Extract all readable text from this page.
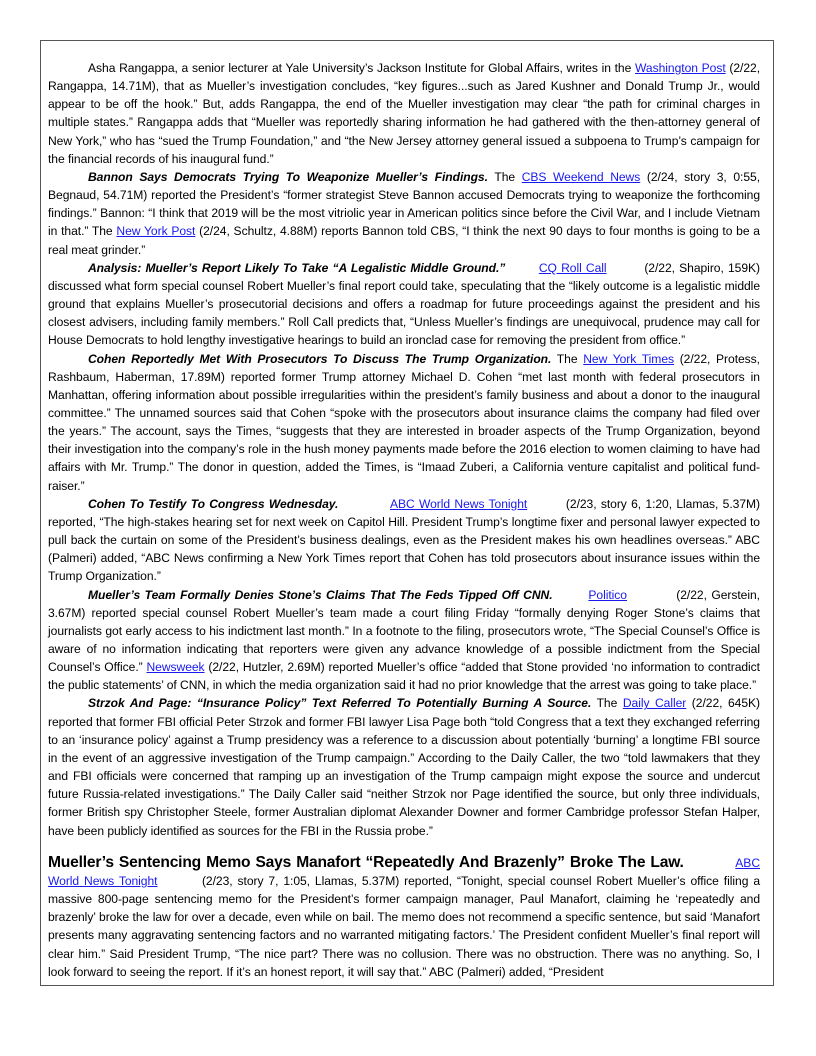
Asha Rangappa, a senior lecturer at Yale University’s Jackson Institute for Global Affairs, writes in the Washington Post (2/22, Rangappa, 14.71M), that as Mueller’s investigation concludes, “key figures...such as Jared Kushner and Donald Trump Jr., would appear to be off the hook.” But, adds Rangappa, the end of the Mueller investigation may clear “the path for criminal charges in multiple states.” Rangappa adds that “Mueller was reportedly sharing information he had gathered with the then-attorney general of New York,” who has “sued the Trump Foundation,” and “the New Jersey attorney general issued a subpoena to Trump’s campaign for the financial records of his inaugural fund.”

Bannon Says Democrats Trying To Weaponize Mueller’s Findings. The CBS Weekend News (2/24, story 3, 0:55, Begnaud, 54.71M) reported the President’s “former strategist Steve Bannon accused Democrats trying to weaponize the forthcoming findings.” Bannon: “I think that 2019 will be the most vitriolic year in American politics since before the Civil War, and I include Vietnam in that.” The New York Post (2/24, Schultz, 4.88M) reports Bannon told CBS, “I think the next 90 days to four months is going to be a real meat grinder.”

Analysis: Mueller’s Report Likely To Take “A Legalistic Middle Ground.”	CQ Roll Call         (2/22, Shapiro, 159K) discussed what form special counsel Robert Mueller’s final report could take, speculating that the “likely outcome is a legalistic middle ground that explains Mueller’s prosecutorial decisions and offers a roadmap for future proceedings against the president and his closest advisers, including family members.” Roll Call predicts that, “Unless Mueller’s findings are unequivocal, prudence may call for House Democrats to hold lengthy investigative hearings to build an ironclad case for removing the president from office.”

Cohen Reportedly Met With Prosecutors To Discuss The Trump Organization. The New York Times (2/22, Protess, Rashbaum, Haberman, 17.89M) reported former Trump attorney Michael D. Cohen “met last month with federal prosecutors in Manhattan, offering information about possible irregularities within the president’s family business and about a donor to the inaugural committee.” The unnamed sources said that Cohen “spoke with the prosecutors about insurance claims the company had filed over the years.” The account, says the Times, “suggests that they are interested in broader aspects of the Trump Organization, beyond their investigation into the company’s role in the hush money payments made before the 2016 election to women claiming to have had affairs with Mr. Trump.” The donor in question, added the Times, is “Imaad Zuberi, a California venture capitalist and political fund-raiser.”

Cohen To Testify To Congress Wednesday.	ABC World News Tonight         (2/23, story 6, 1:20, Llamas, 5.37M) reported, “The high-stakes hearing set for next week on Capitol Hill. President Trump’s longtime fixer and personal lawyer expected to pull back the curtain on some of the President’s business dealings, even as the President makes his own headlines overseas.” ABC (Palmeri) added, “ABC News confirming a New York Times report that Cohen has told prosecutors about insurance issues within the Trump Organization.”

Mueller’s Team Formally Denies Stone’s Claims That The Feds Tipped Off CNN.	Politico           (2/22, Gerstein, 3.67M) reported special counsel Robert Mueller’s team made a court filing Friday “formally denying Roger Stone’s claims that journalists got early access to his indictment last month.” In a footnote to the filing, prosecutors wrote, “The Special Counsel’s Office is aware of no information indicating that reporters were given any advance knowledge of a possible indictment from the Special Counsel’s Office.” Newsweek (2/22, Hutzler, 2.69M) reported Mueller’s office “added that Stone provided ‘no information to contradict the public statements’ of CNN, in which the media organization said it had no prior knowledge that the arrest was going to take place.”

Strzok And Page: “Insurance Policy” Text Referred To Potentially Burning A Source. The Daily Caller (2/22, 645K) reported that former FBI official Peter Strzok and former FBI lawyer Lisa Page both “told Congress that a text they exchanged referring to an ‘insurance policy’ against a Trump presidency was a reference to a discussion about potentially ‘burning’ a longtime FBI source in the event of an aggressive investigation of the Trump campaign.” According to the Daily Caller, the two “told lawmakers that they and FBI officials were concerned that ramping up an investigation of the Trump campaign might expose the source and undercut future Russia-related investigations.” The Daily Caller said “neither Strzok nor Page identified the source, but only three individuals, former British spy Christopher Steele, former Australian diplomat Alexander Downer and former Cambridge professor Stefan Halper, have been publicly identified as sources for the FBI in the Russia probe.”

Mueller’s Sentencing Memo Says Manafort “Repeatedly And Brazenly” Broke The Law.	ABC World News Tonight         (2/23, story 7, 1:05, Llamas, 5.37M) reported, “Tonight, special counsel Robert Mueller’s office filing a massive 800-page sentencing memo for the President’s former campaign manager, Paul Manafort, claiming he ‘repeatedly and brazenly’ broke the law for over a decade, even while on bail. The memo does not recommend a specific sentence, but said ‘Manafort presents many aggravating sentencing factors and no warranted mitigating factors.’ The President confident Mueller’s final report will clear him.” Said President Trump, “The nice part? There was no collusion. There was no obstruction. There was no anything. So, I look forward to seeing the report. If it’s an honest report, it will say that.” ABC (Palmeri) added, “President
